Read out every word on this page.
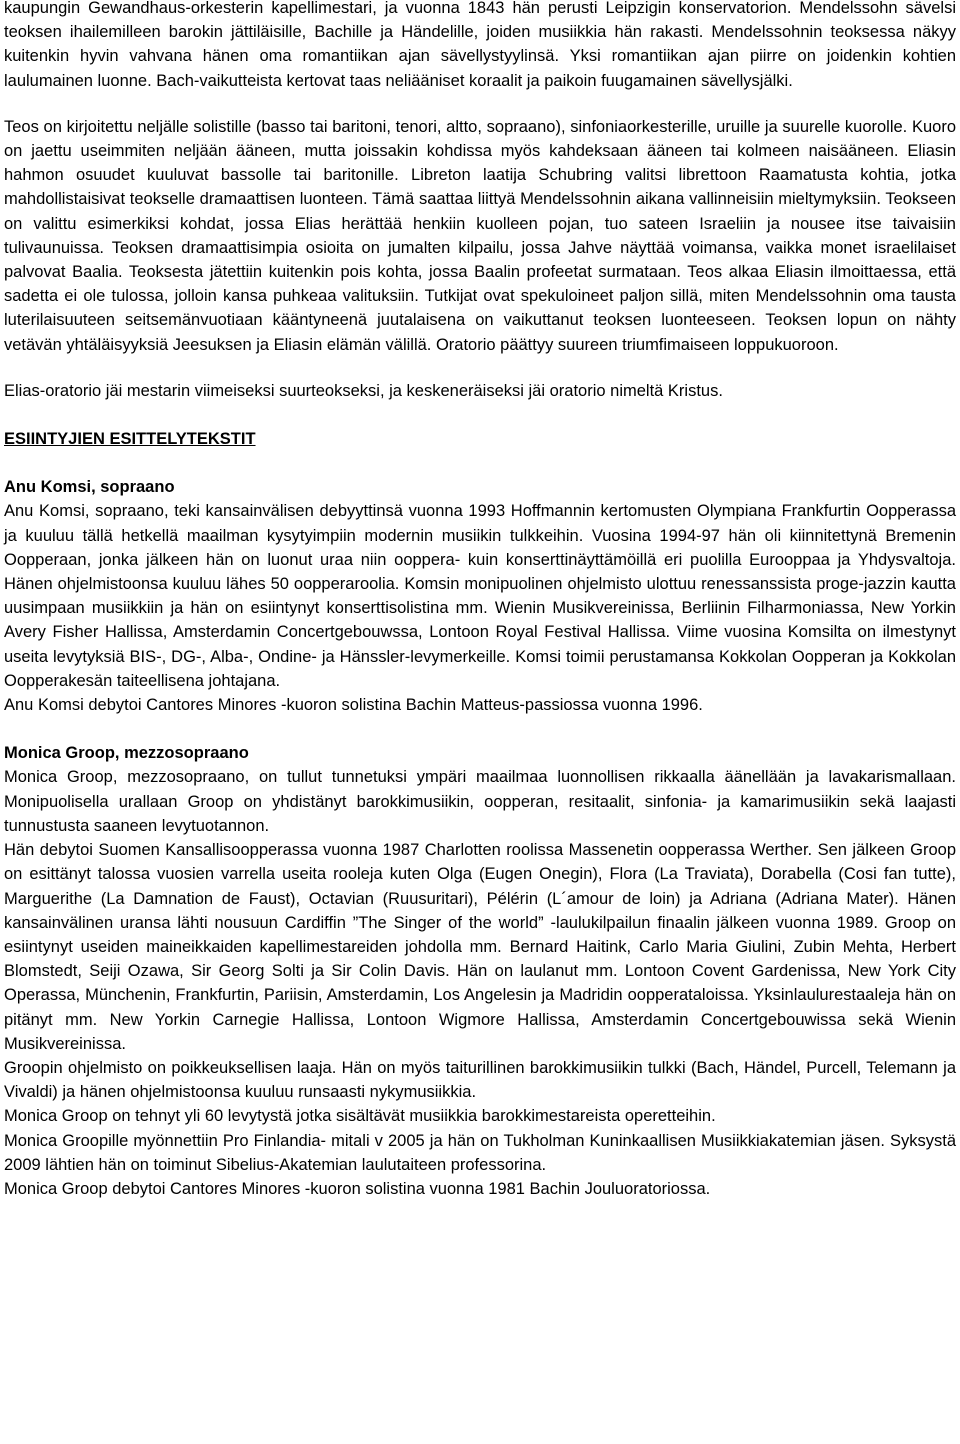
kaupungin Gewandhaus-orkesterin kapellimestari, ja vuonna 1843 hän perusti Leipzigin konservatorion. Mendelssohn sävelsi teoksen ihailemilleen barokin jättiläisille, Bachille ja Händelille, joiden musiikkia hän rakasti. Mendelssohnin teoksessa näkyy kuitenkin hyvin vahvana hänen oma romantiikan ajan sävellystyylinsä. Yksi romantiikan ajan piirre on joidenkin kohtien laulumainen luonne. Bach-vaikutteista kertovat taas neliääniset koraalit ja paikoin fuugamainen sävellysjälki.

Teos on kirjoitettu neljälle solistille (basso tai baritoni, tenori, altto, sopraano), sinfoniaorkesterille, uruille ja suurelle kuorolle. Kuoro on jaettu useimmiten neljään ääneen, mutta joissakin kohdissa myös kahdeksaan ääneen tai kolmeen naisääneen. Eliasin hahmon osuudet kuuluvat bassolle tai baritonille. Libreton laatija Schubring valitsi librettoon Raamatusta kohtia, jotka mahdollistaisivat teokselle dramaattisen luonteen. Tämä saattaa liittyä Mendelssohnin aikana vallinneisiin mieltymyksiin. Teokseen on valittu esimerkiksi kohdat, jossa Elias herättää henkiin kuolleen pojan, tuo sateen Israeliin ja nousee itse taivaisiin tulivaunuissa. Teoksen dramaattisimpia osioita on jumalten kilpailu, jossa Jahve näyttää voimansa, vaikka monet israelilaiset palvovat Baalia. Teoksesta jätettiin kuitenkin pois kohta, jossa Baalin profeetat surmataan. Teos alkaa Eliasin ilmoittaessa, että sadetta ei ole tulossa, jolloin kansa puhkeaa valituksiin. Tutkijat ovat spekuloineet paljon sillä, miten Mendelssohnin oma tausta luterilaisuuteen seitsemänvuotiaan kääntyneenä juutalaisena on vaikuttanut teoksen luonteeseen. Teoksen lopun on nähty vetävän yhtäläisyyksiä Jeesuksen ja Eliasin elämän välillä. Oratorio päättyy suureen triumfimaiseen loppukuoroon.

Elias-oratorio jäi mestarin viimeiseksi suurteokseksi, ja keskeneräiseksi jäi oratorio nimeltä Kristus.

ESIINTYJIEN ESITTELYTEKSTIT

Anu Komsi, sopraano

Anu Komsi, sopraano, teki kansainvälisen debyyttinsä vuonna 1993 Hoffmannin kertomusten Olympiana Frankfurtin Oopperassa ja kuuluu tällä hetkellä maailman kysytyimpiin modernin musiikin tulkkeihin. Vuosina 1994-97 hän oli kiinnitettynä Bremenin Oopperaan, jonka jälkeen hän on luonut uraa niin ooppera- kuin konserttinäyttämöillä eri puolilla Eurooppaa ja Yhdysvaltoja. Hänen ohjelmistoonsa kuuluu lähes 50 oopperaroolia. Komsin monipuolinen ohjelmisto ulottuu renessanssista proge-jazzin kautta uusimpaan musiikkiin ja hän on esiintynyt konserttisolistina mm. Wienin Musikvereinissa, Berliinin Filharmoniassa, New Yorkin Avery Fisher Hallissa, Amsterdamin Concertgebouwssa, Lontoon Royal Festival Hallissa. Viime vuosina Komsilta on ilmestynyt useita levytyksiä BIS-, DG-, Alba-, Ondine- ja Hänssler-levymerkeille. Komsi toimii perustamansa Kokkolan Oopperan ja Kokkolan Oopperakesän taiteellisena johtajana.

Anu Komsi debytoi Cantores Minores -kuoron solistina Bachin Matteus-passiossa vuonna 1996.

Monica Groop, mezzosopraano

Monica Groop, mezzosopraano, on tullut tunnetuksi ympäri maailmaa luonnollisen rikkaalla äänellään ja lavakarismallaan. Monipuolisella urallaan Groop on yhdistänyt barokkimusiikin, oopperan, resitaalit, sinfonia- ja kamarimusiikin sekä laajasti tunnustusta saaneen levytuotannon.

Hän debytoi Suomen Kansallisoopperassa vuonna 1987 Charlotten roolissa Massenetin oopperassa Werther. Sen jälkeen Groop on esittänyt talossa vuosien varrella useita rooleja kuten Olga (Eugen Onegin), Flora (La Traviata), Dorabella (Cosi fan tutte), Marguerithe (La Damnation de Faust), Octavian (Ruusuritari), Pélérin (L´amour de loin) ja Adriana (Adriana Mater). Hänen kansainvälinen uransa lähti nousuun Cardiffin ”The Singer of the world” -laulukilpailun finaalin jälkeen vuonna 1989. Groop on esiintynyt useiden maineikkaiden kapellimestareiden johdolla mm. Bernard Haitink, Carlo Maria Giulini, Zubin Mehta, Herbert Blomstedt, Seiji Ozawa, Sir Georg Solti ja Sir Colin Davis. Hän on laulanut mm. Lontoon Covent Gardenissa, New York City Operassa, Münchenin, Frankfurtin, Pariisin, Amsterdamin, Los Angelesin ja Madridin oopperataloissa. Yksinlaulurestaaleja hän on pitänyt mm. New Yorkin Carnegie Hallissa, Lontoon Wigmore Hallissa, Amsterdamin Concertgebouwissa sekä Wienin Musikvereinissa.

Groopin ohjelmisto on poikkeuksellisen laaja. Hän on myös taiturillinen barokkimusiikin tulkki (Bach, Händel, Purcell, Telemann ja Vivaldi) ja hänen ohjelmistoonsa kuuluu runsaasti nykymusiikkia.

Monica Groop on tehnyt yli 60 levytystä jotka sisältävät musiikkia barokkimestareista operetteihin.

Monica Groopille myönnettiin Pro Finlandia- mitali v 2005 ja hän on Tukholman Kuninkaallisen Musiikkiakatemian jäsen. Syksystä 2009 lähtien hän on toiminut Sibelius-Akatemian laulutaiteen professorina.

Monica Groop debytoi Cantores Minores -kuoron solistina vuonna 1981 Bachin Jouluoratoriossa.
